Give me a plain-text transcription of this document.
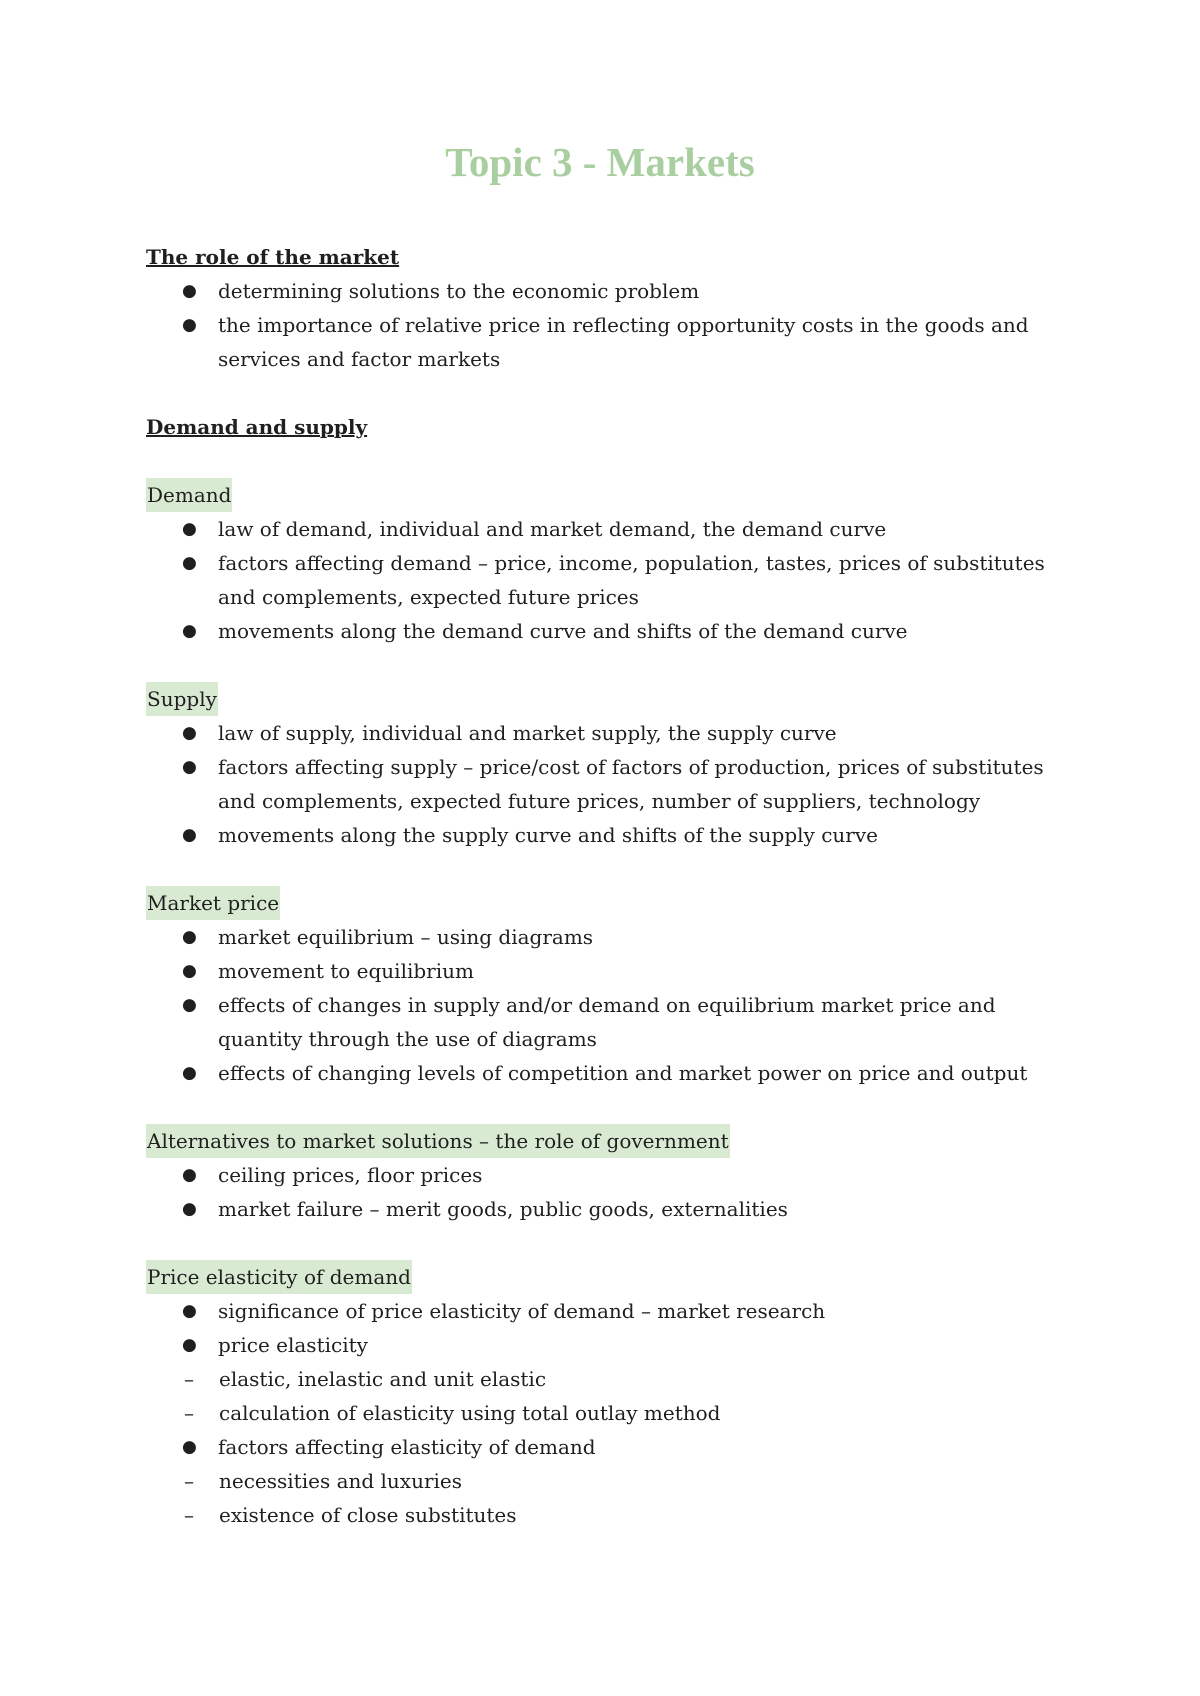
Topic 3 - Markets
The role of the market
● determining solutions to the economic problem
● the importance of relative price in reflecting opportunity costs in the goods and services and factor markets
Demand and supply
Demand
● law of demand, individual and market demand, the demand curve
● factors affecting demand – price, income, population, tastes, prices of substitutes and complements, expected future prices
● movements along the demand curve and shifts of the demand curve
Supply
● law of supply, individual and market supply, the supply curve
● factors affecting supply – price/cost of factors of production, prices of substitutes and complements, expected future prices, number of suppliers, technology
● movements along the supply curve and shifts of the supply curve
Market price
● market equilibrium – using diagrams
● movement to equilibrium
● effects of changes in supply and/or demand on equilibrium market price and quantity through the use of diagrams
● effects of changing levels of competition and market power on price and output
Alternatives to market solutions – the role of government
● ceiling prices, floor prices
● market failure – merit goods, public goods, externalities
Price elasticity of demand
● significance of price elasticity of demand – market research
● price elasticity
– elastic, inelastic and unit elastic
– calculation of elasticity using total outlay method
● factors affecting elasticity of demand
– necessities and luxuries
– existence of close substitutes
